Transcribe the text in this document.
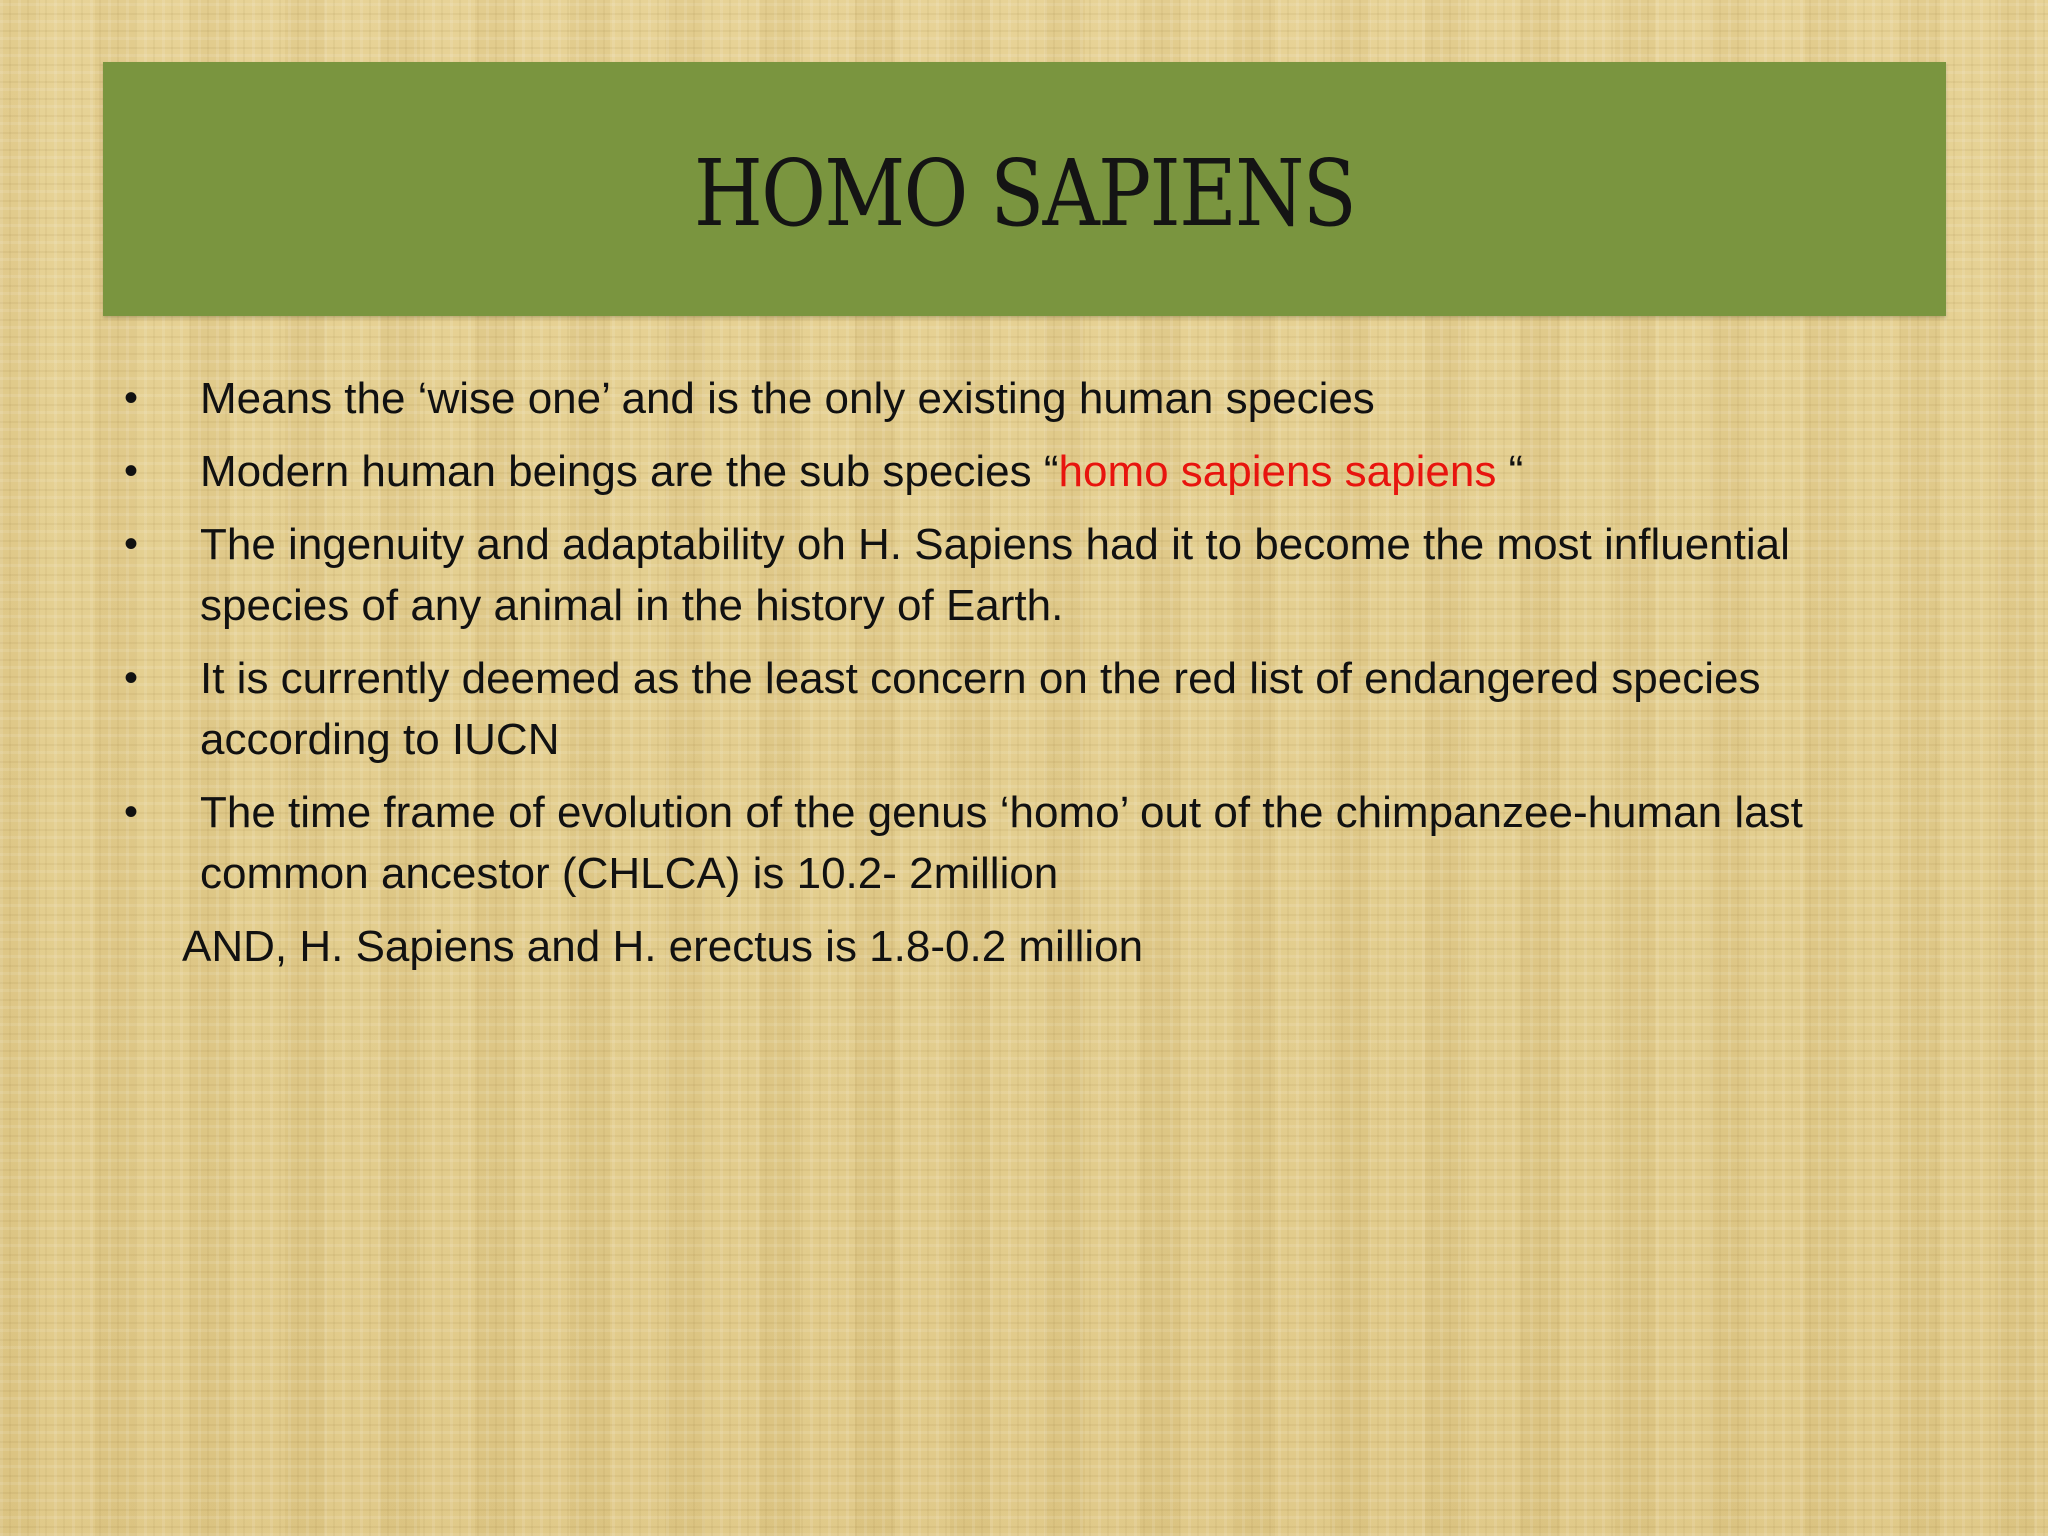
HOMO SAPIENS
• Means the ‘wise one’ and is the only existing human species
• Modern human beings are the sub species “homo sapiens sapiens “
• The ingenuity and adaptability oh H. Sapiens had it to become the most influential species of any animal in the history of Earth.
• It is currently deemed as the least concern on the red list of endangered species according to IUCN
• The time frame of evolution of the genus ‘homo’ out of the chimpanzee-human last common ancestor (CHLCA) is 10.2- 2million
AND, H. Sapiens and H. erectus is 1.8-0.2 million
